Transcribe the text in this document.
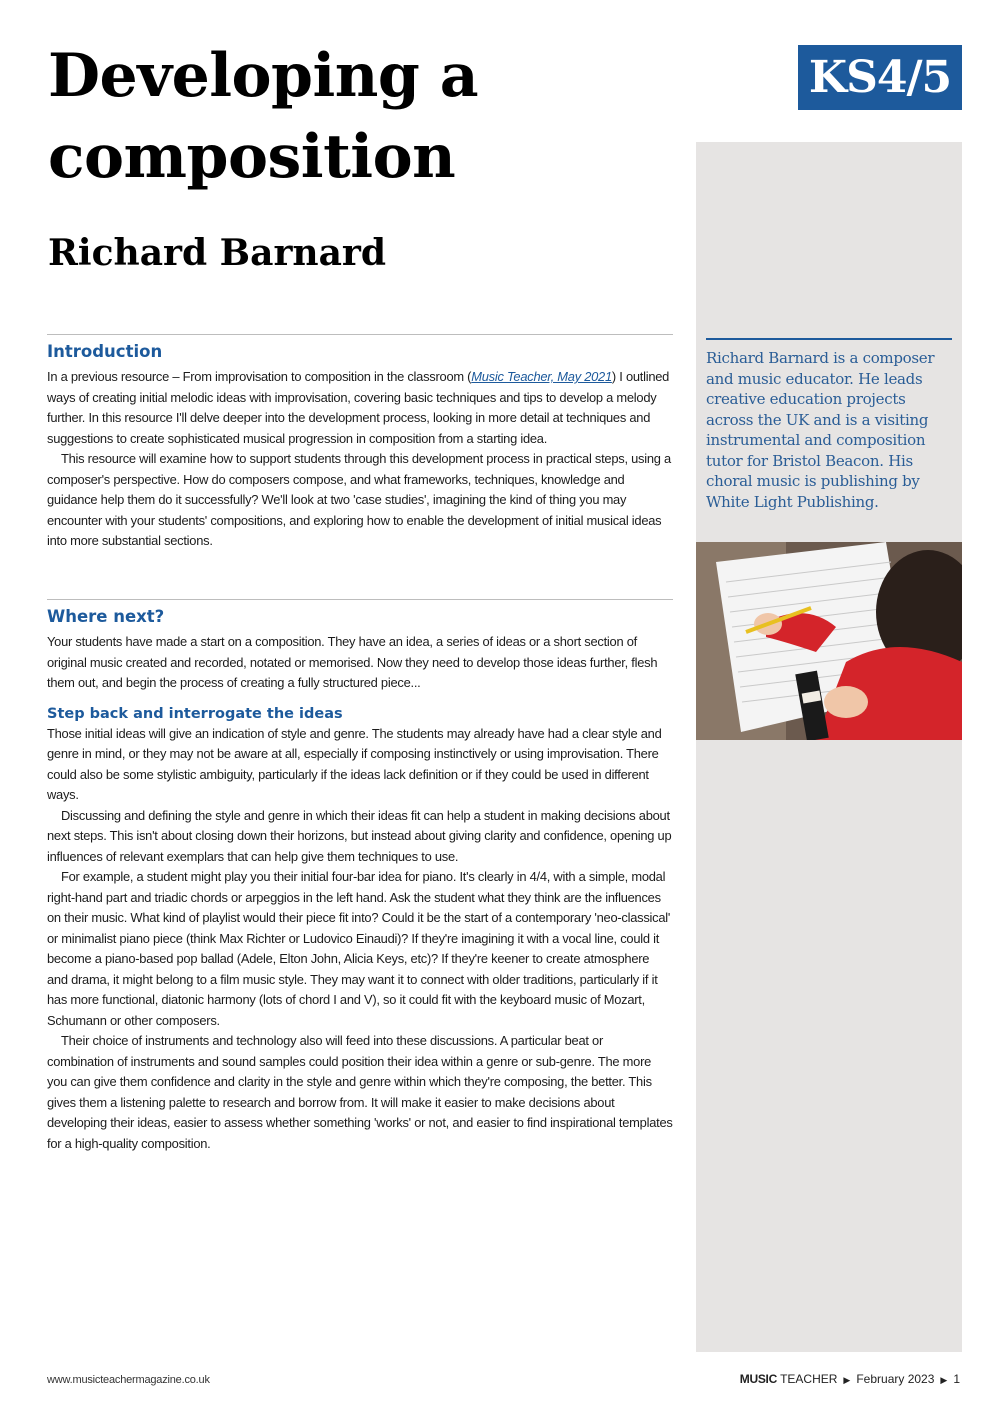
Developing a composition
Richard Barnard
KS4/5

Richard Barnard is a composer and music educator. He leads creative education projects across the UK and is a visiting instrumental and composition tutor for Bristol Beacon. His choral music is publishing by White Light Publishing.

Introduction

In a previous resource – From improvisation to composition in the classroom (Music Teacher, May 2021) I outlined ways of creating initial melodic ideas with improvisation, covering basic techniques and tips to develop a melody further. In this resource I'll delve deeper into the development process, looking in more detail at techniques and suggestions to create sophisticated musical progression in composition from a starting idea.

This resource will examine how to support students through this development process in practical steps, using a composer's perspective. How do composers compose, and what frameworks, techniques, knowledge and guidance help them do it successfully? We'll look at two 'case studies', imagining the kind of thing you may encounter with your students' compositions, and exploring how to enable the development of initial musical ideas into more substantial sections.

Where next?

Your students have made a start on a composition. They have an idea, a series of ideas or a short section of original music created and recorded, notated or memorised. Now they need to develop those ideas further, flesh them out, and begin the process of creating a fully structured piece...

Step back and interrogate the ideas

Those initial ideas will give an indication of style and genre. The students may already have had a clear style and genre in mind, or they may not be aware at all, especially if composing instinctively or using improvisation. There could also be some stylistic ambiguity, particularly if the ideas lack definition or if they could be used in different ways.

Discussing and defining the style and genre in which their ideas fit can help a student in making decisions about next steps. This isn't about closing down their horizons, but instead about giving clarity and confidence, opening up influences of relevant exemplars that can help give them techniques to use.

For example, a student might play you their initial four-bar idea for piano. It's clearly in 4/4, with a simple, modal right-hand part and triadic chords or arpeggios in the left hand. Ask the student what they think are the influences on their music. What kind of playlist would their piece fit into? Could it be the start of a contemporary 'neo-classical' or minimalist piano piece (think Max Richter or Ludovico Einaudi)? If they're imagining it with a vocal line, could it become a piano-based pop ballad (Adele, Elton John, Alicia Keys, etc)? If they're keener to create atmosphere and drama, it might belong to a film music style. They may want it to connect with older traditions, particularly if it has more functional, diatonic harmony (lots of chord I and V), so it could fit with the keyboard music of Mozart, Schumann or other composers.

Their choice of instruments and technology also will feed into these discussions. A particular beat or combination of instruments and sound samples could position their idea within a genre or sub-genre. The more you can give them confidence and clarity in the style and genre within which they're composing, the better. This gives them a listening palette to research and borrow from. It will make it easier to make decisions about developing their ideas, easier to assess whether something 'works' or not, and easier to find inspirational templates for a high-quality composition.

www.musicteachermagazine.co.uk	MUSIC TEACHER ▶ February 2023 ▶ 1
